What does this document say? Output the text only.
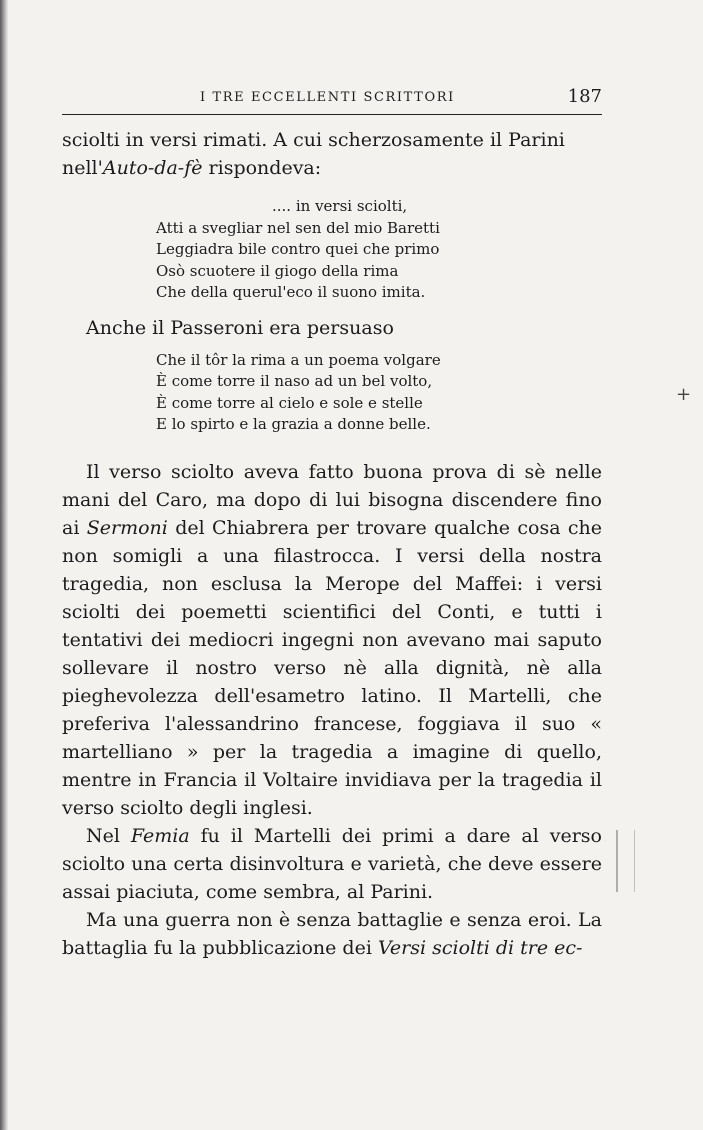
I TRE ECCELLENTI SCRITTORI	187

sciolti in versi rimati. A cui scherzosamente il Parini
nell'Auto-da-fè rispondeva:

.... in versi sciolti,
Atti a svegliar nel sen del mio Baretti
Leggiadra bile contro quei che primo
Osò scuotere il giogo della rima
Che della querul'eco il suono imita.

Anche il Passeroni era persuaso

Che il tôr la rima a un poema volgare
È come torre il naso ad un bel volto,
È come torre al cielo e sole e stelle
E lo spirto e la grazia a donne belle.

Il verso sciolto aveva fatto buona prova di sè nelle mani del Caro, ma dopo di lui bisogna discendere fino ai Sermoni del Chiabrera per trovare qualche cosa che non somigli a una filastrocca. I versi della nostra tragedia, non esclusa la Merope del Maffei: i versi sciolti dei poemetti scientifici del Conti, e tutti i tentativi dei mediocri ingegni non avevano mai saputo sollevare il nostro verso nè alla dignità, nè alla pieghevolezza dell'esametro latino. Il Martelli, che preferiva l'alessandrino francese, foggiava il suo « martelliano » per la tragedia a imagine di quello, mentre in Francia il Voltaire invidiava per la tragedia il verso sciolto degli inglesi.

Nel Femia fu il Martelli dei primi a dare al verso sciolto una certa disinvoltura e varietà, che deve essere assai piaciuta, come sembra, al Parini.

Ma una guerra non è senza battaglie e senza eroi. La battaglia fu la pubblicazione dei Versi sciolti di tre ec-

+
